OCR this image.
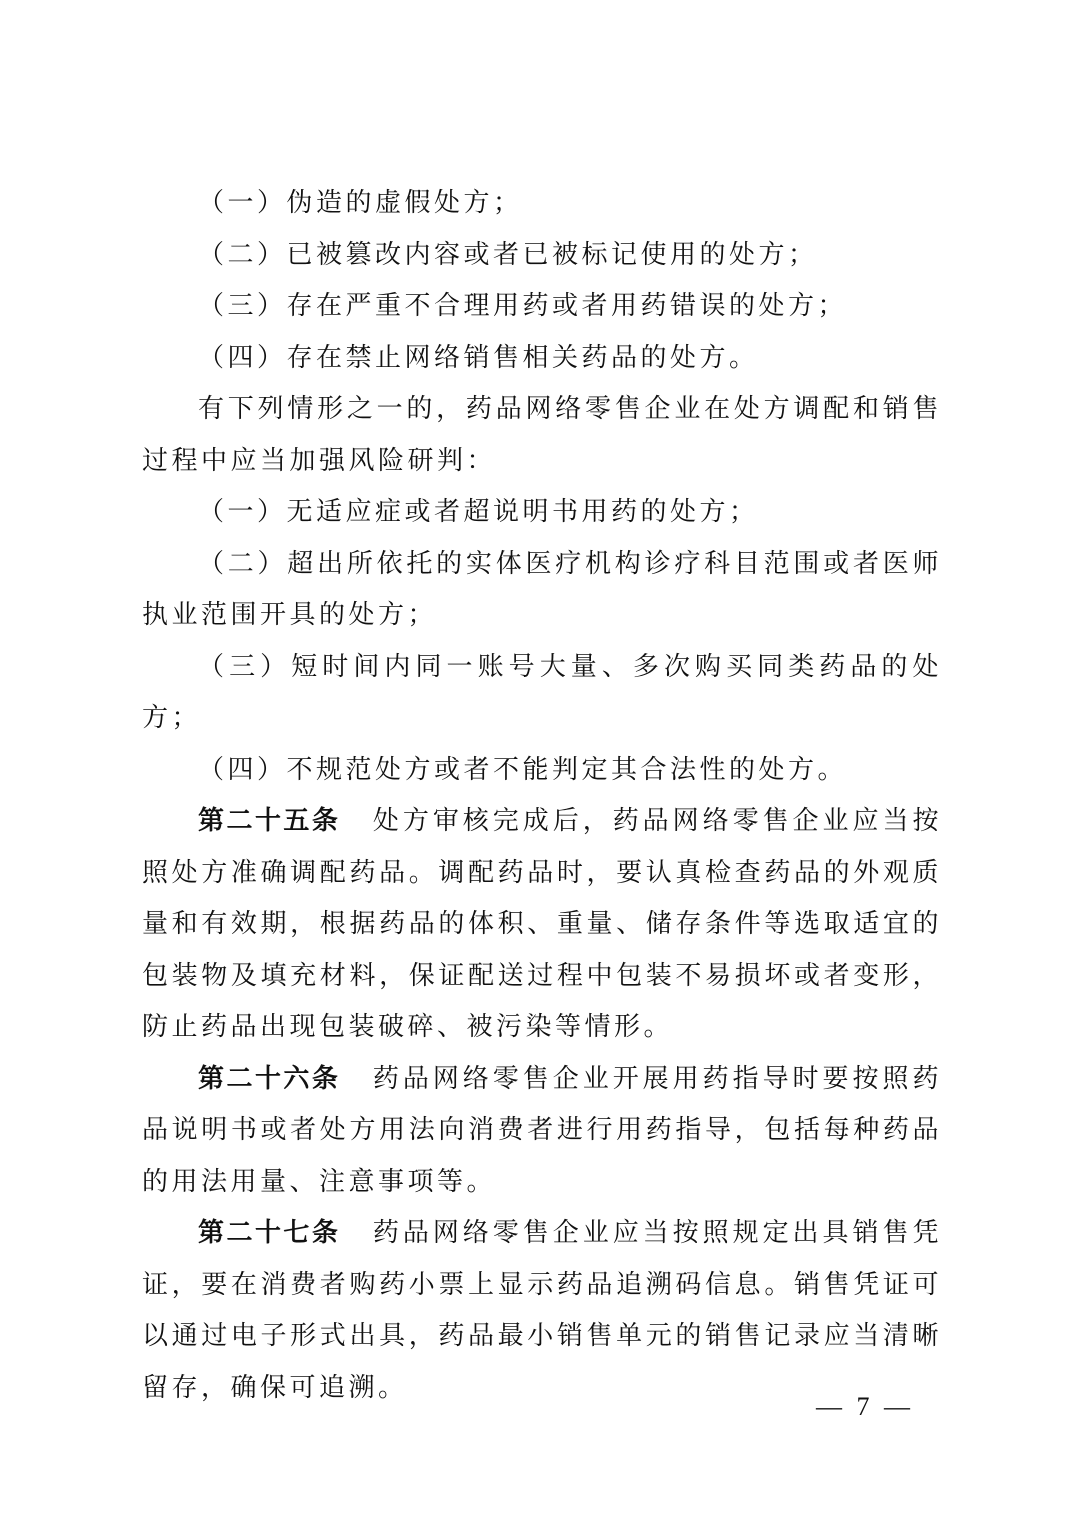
（一）伪造的虚假处方；

（二）已被篡改内容或者已被标记使用的处方；

（三）存在严重不合理用药或者用药错误的处方；

（四）存在禁止网络销售相关药品的处方。

有下列情形之一的，药品网络零售企业在处方调配和销售过程中应当加强风险研判：

（一）无适应症或者超说明书用药的处方；

（二）超出所依托的实体医疗机构诊疗科目范围或者医师执业范围开具的处方；

（三）短时间内同一账号大量、多次购买同类药品的处方；

（四）不规范处方或者不能判定其合法性的处方。

第二十五条 处方审核完成后，药品网络零售企业应当按照处方准确调配药品。调配药品时，要认真检查药品的外观质量和有效期，根据药品的体积、重量、储存条件等选取适宜的包装物及填充材料，保证配送过程中包装不易损坏或者变形，防止药品出现包装破碎、被污染等情形。

第二十六条 药品网络零售企业开展用药指导时要按照药品说明书或者处方用法向消费者进行用药指导，包括每种药品的用法用量、注意事项等。

第二十七条 药品网络零售企业应当按照规定出具销售凭证，要在消费者购药小票上显示药品追溯码信息。销售凭证可以通过电子形式出具，药品最小销售单元的销售记录应当清晰留存，确保可追溯。

— 7 —
